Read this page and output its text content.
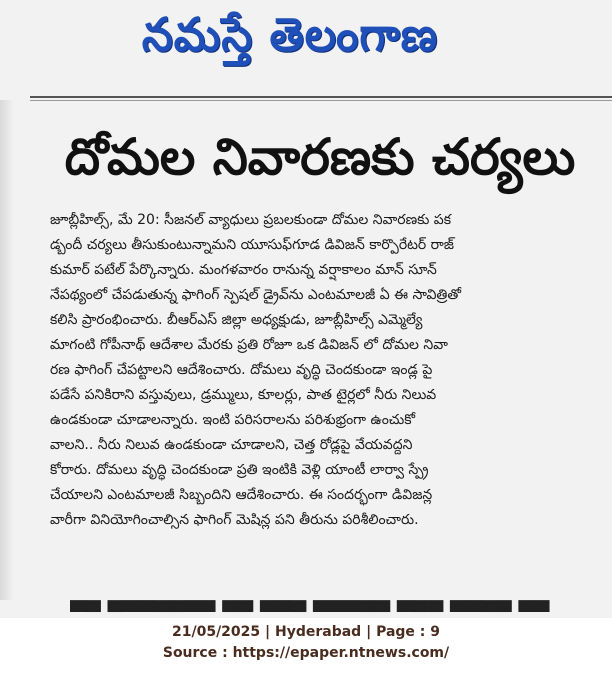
నమస్తే తెలంగాణ
దోమల నివారణకు చర్యలు
జూబ్లీహిల్స్, మే 20: సీజనల్ వ్యాధులు ప్రబలకుండా దోమల నివారణకు పక
డ్బందీ చర్యలు తీసుకుంటున్నామని యూసుఫ్‌గూడ డివిజన్ కార్పొరేటర్ రాజ్
కుమార్ పటేల్ పేర్కొన్నారు. మంగళవారం రానున్న వర్షాకాలం మాన్ సూన్
నేపథ్యంలో చేపడుతున్న ఫాగింగ్ స్పెషల్ డ్రైవ్‌ను ఎంటమాలజీ ఏ ఈ సావిత్రితో
కలిసి ప్రారంభించారు. బీఆర్ఎస్ జిల్లా అధ్యక్షుడు, జూబ్లీహిల్స్ ఎమ్మెల్యే
మాగంటి గోపీనాథ్ ఆదేశాల మేరకు ప్రతి రోజూ ఒక డివిజన్ లో దోమల నివా
రణ ఫాగింగ్ చేపట్టాలని ఆదేశించారు. దోమలు వృద్ధి చెందకుండా ఇండ్ల పై
పడేసే పనికిరాని వస్తువులు, డ్రమ్ములు, కూలర్లు, పాత టైర్లలో నీరు నిలువ
ఉండకుండా చూడాలన్నారు. ఇంటి పరిసరాలను పరిశుభ్రంగా ఉంచుకో
వాలని.. నీరు నిలువ ఉండకుండా చూడాలని, చెత్త రోడ్లపై వేయవద్దని
కోరారు. దోమలు వృద్ధి చెందకుండా ప్రతి ఇంటికి వెళ్లి యాంటీ లార్వా స్ప్రే
చేయాలని ఎంటమాలజీ సిబ్బందిని ఆదేశించారు. ఈ సందర్భంగా డివిజన్ల
వారీగా వినియోగించాల్సిన ఫాగింగ్ మెషిన్ల పని తీరును పరిశీలించారు.
▀▀ ▀▀▀▀▀▀▀ ▀▀ ▀▀▀ ▀▀▀▀▀ ▀▀▀ ▀▀▀▀ ▀▀
21/05/2025 | Hyderabad | Page : 9
Source : https://epaper.ntnews.com/
